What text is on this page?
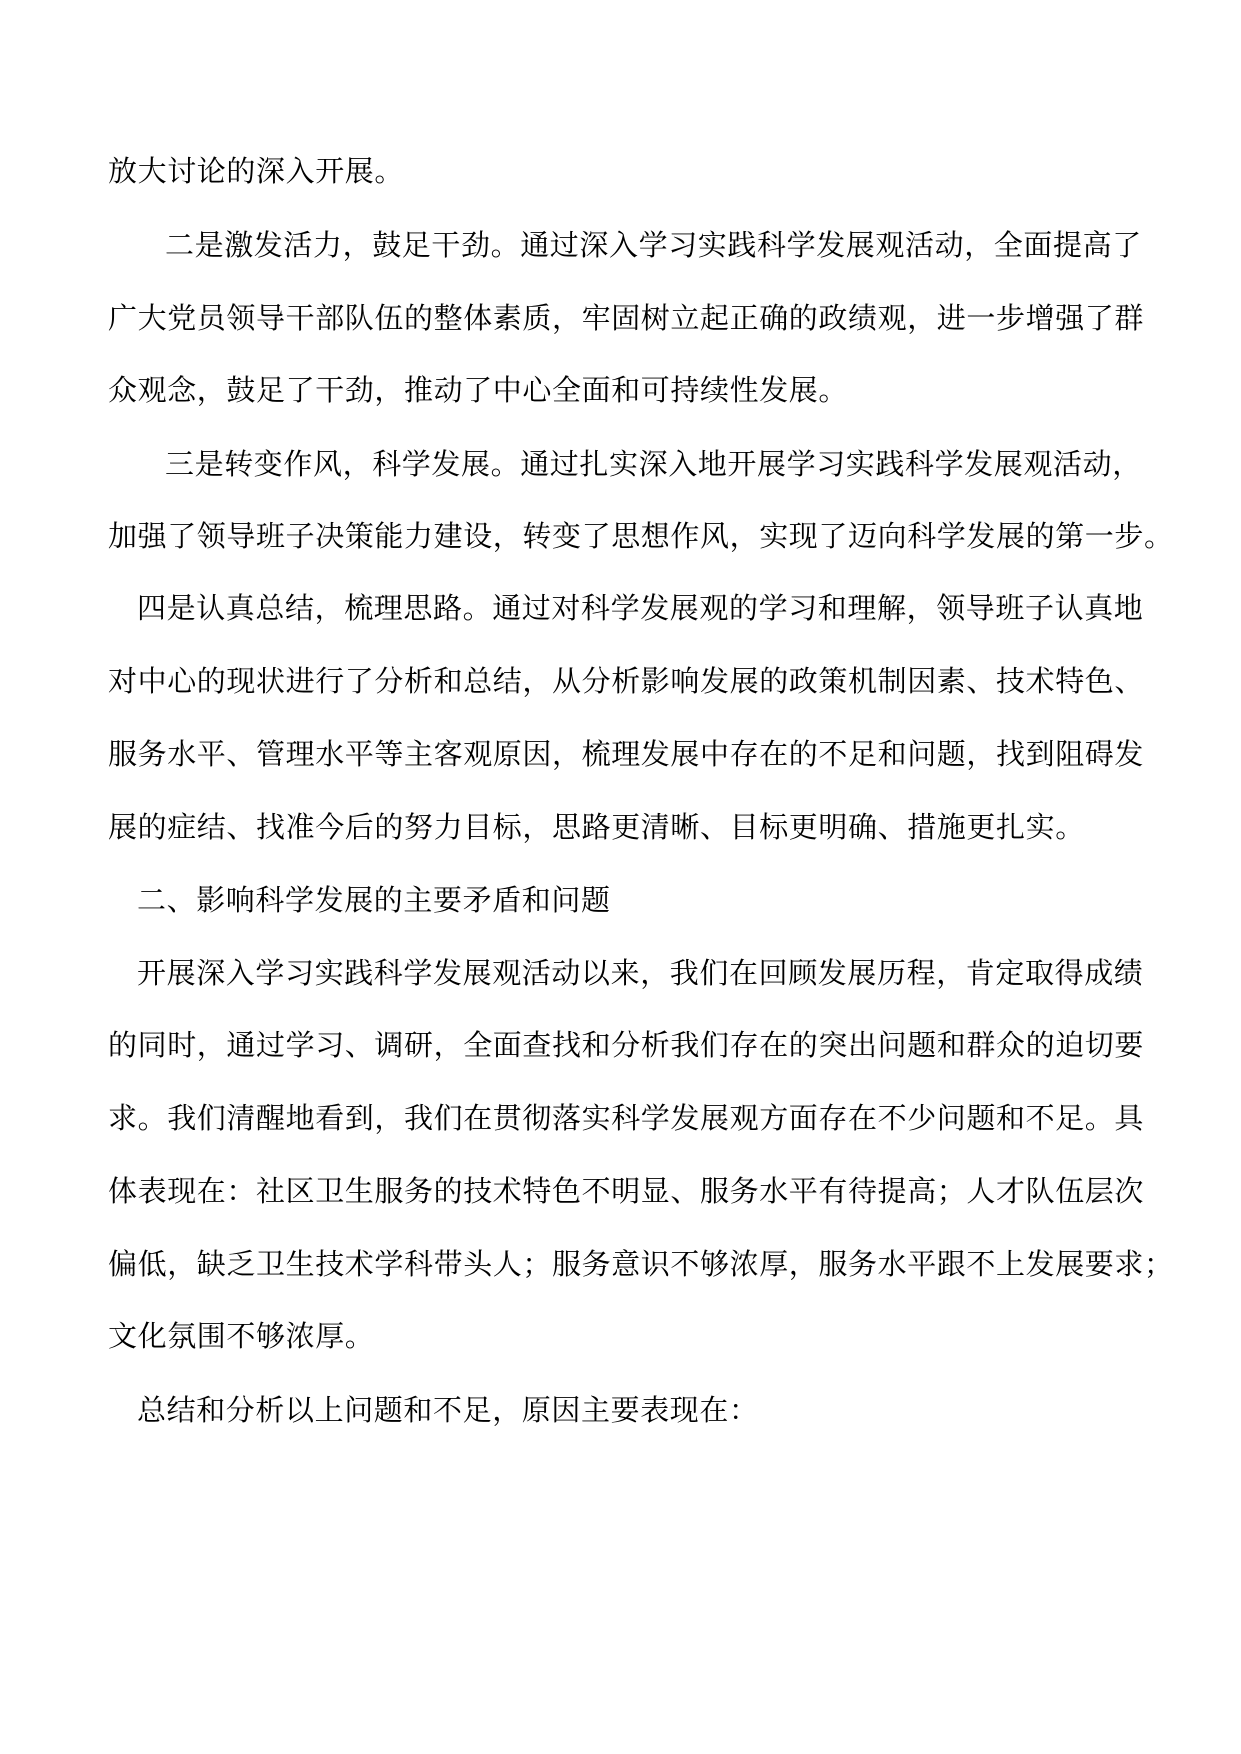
放大讨论的深入开展。
二是激发活力，鼓足干劲。通过深入学习实践科学发展观活动，全面提高了
广大党员领导干部队伍的整体素质，牢固树立起正确的政绩观，进一步增强了群
众观念，鼓足了干劲，推动了中心全面和可持续性发展。
三是转变作风，科学发展。通过扎实深入地开展学习实践科学发展观活动，
加强了领导班子决策能力建设，转变了思想作风，实现了迈向科学发展的第一步。
四是认真总结，梳理思路。通过对科学发展观的学习和理解，领导班子认真地
对中心的现状进行了分析和总结，从分析影响发展的政策机制因素、技术特色、
服务水平、管理水平等主客观原因，梳理发展中存在的不足和问题，找到阻碍发
展的症结、找准今后的努力目标，思路更清晰、目标更明确、措施更扎实。
二、影响科学发展的主要矛盾和问题
开展深入学习实践科学发展观活动以来，我们在回顾发展历程，肯定取得成绩
的同时，通过学习、调研，全面查找和分析我们存在的突出问题和群众的迫切要
求。我们清醒地看到，我们在贯彻落实科学发展观方面存在不少问题和不足。具
体表现在：社区卫生服务的技术特色不明显、服务水平有待提高；人才队伍层次
偏低，缺乏卫生技术学科带头人；服务意识不够浓厚，服务水平跟不上发展要求；
文化氛围不够浓厚。
总结和分析以上问题和不足，原因主要表现在：
